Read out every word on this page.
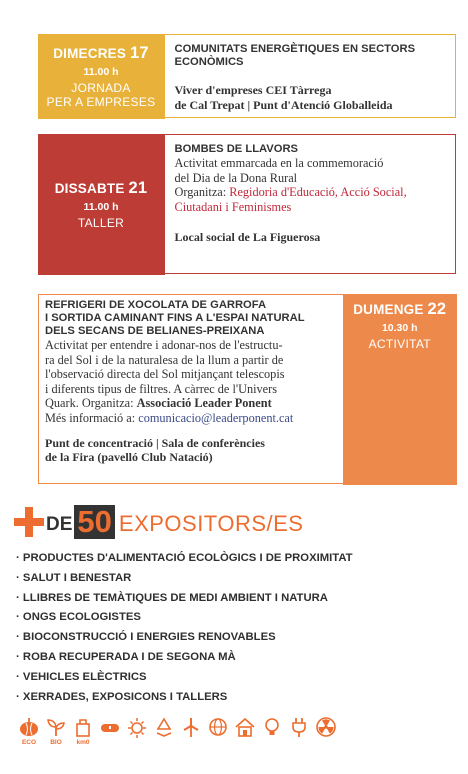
DIMECRES 17
11.00 h
JORNADA
PER A EMPRESES
COMUNITATS ENERGÈTIQUES EN SECTORS
ECONÒMICS
Viver d'empreses CEI Tàrrega
de Cal Trepat | Punt d'Atenció Globalleida
DISSABTE 21
11.00 h
TALLER
BOMBES DE LLAVORS
Activitat emmarcada en la commemoració
del Dia de la Dona Rural
Organitza: Regidoria d'Educació, Acció Social,
Ciutadani i Feminismes
Local social de La Figuerosa
REFRIGERI DE XOCOLATA DE GARROFA
I SORTIDA CAMINANT FINS A L'ESPAI NATURAL
DELS SECANS DE BELIANES-PREIXANA
Activitat per entendre i adonar-nos de l'estructu-
ra del Sol i de la naturalesa de la llum a partir de
l'observació directa del Sol mitjançant telescopis
i diferents tipus de filtres. A càrrec de l'Univers
Quark. Organitza: Associació Leader Ponent
Més informació a: comunicacio@leaderponent.cat
Punt de concentració | Sala de conferències
de la Fira (pavelló Club Natació)
DUMENGE 22
10.30 h
ACTIVITAT
DE 50 EXPOSITORS/ES
· PRODUCTES D'ALIMENTACIÓ ECOLÒGICS I DE PROXIMITAT
· SALUT I BENESTAR
· LLIBRES DE TEMÀTIQUES DE MEDI AMBIENT I NATURA
· ONGS ECOLOGISTES
· BIOCONSTRUCCIÓ I ENERGIES RENOVABLES
· ROBA RECUPERADA I DE SEGONA MÀ
· VEHICLES ELÈCTRICS
· XERRADES, EXPOSICONS I TALLERS
ECO BIO km0
